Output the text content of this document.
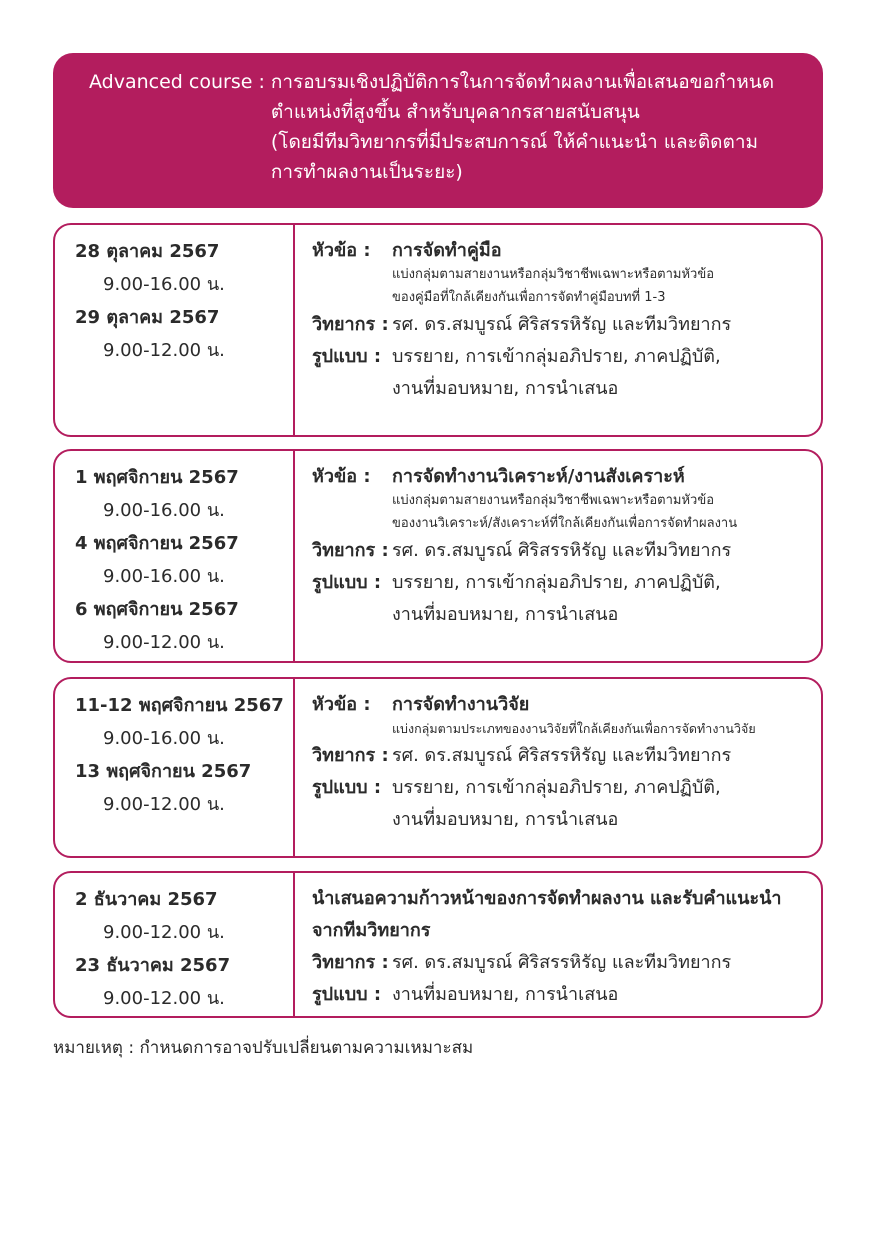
Advanced course : การอบรมเชิงปฏิบัติการในการจัดทำผลงานเพื่อเสนอขอกำหนด
ตำแหน่งที่สูงขึ้น สำหรับบุคลากรสายสนับสนุน
(โดยมีทีมวิทยากรที่มีประสบการณ์ ให้คำแนะนำ และติดตาม
การทำผลงานเป็นระยะ)
28 ตุลาคม 2567
9.00-16.00 น.
29 ตุลาคม 2567
9.00-12.00 น.
หัวข้อ :	การจัดทำคู่มือ
แบ่งกลุ่มตามสายงานหรือกลุ่มวิชาชีพเฉพาะหรือตามหัวข้อ
ของคู่มือที่ใกล้เคียงกันเพื่อการจัดทำคู่มือบทที่ 1-3
วิทยากร : รศ. ดร.สมบูรณ์ ศิริสรรหิรัญ และทีมวิทยากร
รูปแบบ : บรรยาย, การเข้ากลุ่มอภิปราย, ภาคปฏิบัติ,
งานที่มอบหมาย, การนำเสนอ
1 พฤศจิกายน 2567
9.00-16.00 น.
4 พฤศจิกายน 2567
9.00-16.00 น.
6 พฤศจิกายน 2567
9.00-12.00 น.
หัวข้อ :	การจัดทำงานวิเคราะห์/งานสังเคราะห์
แบ่งกลุ่มตามสายงานหรือกลุ่มวิชาชีพเฉพาะหรือตามหัวข้อ
ของงานวิเคราะห์/สังเคราะห์ที่ใกล้เคียงกันเพื่อการจัดทำผลงาน
วิทยากร : รศ. ดร.สมบูรณ์ ศิริสรรหิรัญ และทีมวิทยากร
รูปแบบ : บรรยาย, การเข้ากลุ่มอภิปราย, ภาคปฏิบัติ,
งานที่มอบหมาย, การนำเสนอ
11-12 พฤศจิกายน 2567
9.00-16.00 น.
13 พฤศจิกายน 2567
9.00-12.00 น.
หัวข้อ :	การจัดทำงานวิจัย
แบ่งกลุ่มตามประเภทของงานวิจัยที่ใกล้เคียงกันเพื่อการจัดทำงานวิจัย
วิทยากร : รศ. ดร.สมบูรณ์ ศิริสรรหิรัญ และทีมวิทยากร
รูปแบบ : บรรยาย, การเข้ากลุ่มอภิปราย, ภาคปฏิบัติ,
งานที่มอบหมาย, การนำเสนอ
2 ธันวาคม 2567
9.00-12.00 น.
23 ธันวาคม 2567
9.00-12.00 น.
นำเสนอความก้าวหน้าของการจัดทำผลงาน และรับคำแนะนำ
จากทีมวิทยากร
วิทยากร : รศ. ดร.สมบูรณ์ ศิริสรรหิรัญ และทีมวิทยากร
รูปแบบ : งานที่มอบหมาย, การนำเสนอ
หมายเหตุ : กำหนดการอาจปรับเปลี่ยนตามความเหมาะสม
